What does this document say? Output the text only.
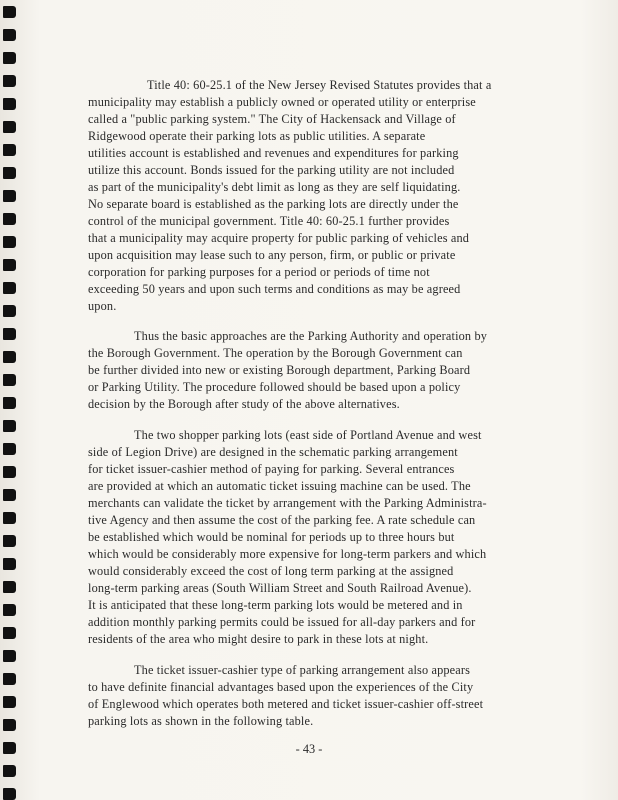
Title 40: 60-25.1 of the New Jersey Revised Statutes provides that a
municipality may establish a publicly owned or operated utility or enterprise
called a "public parking system." The City of Hackensack and Village of
Ridgewood operate their parking lots as public utilities. A separate
utilities account is established and revenues and expenditures for parking
utilize this account. Bonds issued for the parking utility are not included
as part of the municipality's debt limit as long as they are self liquidating.
No separate board is established as the parking lots are directly under the
control of the municipal government. Title 40: 60-25.1 further provides
that a municipality may acquire property for public parking of vehicles and
upon acquisition may lease such to any person, firm, or public or private
corporation for parking purposes for a period or periods of time not
exceeding 50 years and upon such terms and conditions as may be agreed
upon.
Thus the basic approaches are the Parking Authority and operation by
the Borough Government. The operation by the Borough Government can
be further divided into new or existing Borough department, Parking Board
or Parking Utility. The procedure followed should be based upon a policy
decision by the Borough after study of the above alternatives.
The two shopper parking lots (east side of Portland Avenue and west
side of Legion Drive) are designed in the schematic parking arrangement
for ticket issuer-cashier method of paying for parking. Several entrances
are provided at which an automatic ticket issuing machine can be used. The
merchants can validate the ticket by arrangement with the Parking Administra-
tive Agency and then assume the cost of the parking fee. A rate schedule can
be established which would be nominal for periods up to three hours but
which would be considerably more expensive for long-term parkers and which
would considerably exceed the cost of long term parking at the assigned
long-term parking areas (South William Street and South Railroad Avenue).
It is anticipated that these long-term parking lots would be metered and in
addition monthly parking permits could be issued for all-day parkers and for
residents of the area who might desire to park in these lots at night.
The ticket issuer-cashier type of parking arrangement also appears
to have definite financial advantages based upon the experiences of the City
of Englewood which operates both metered and ticket issuer-cashier off-street
parking lots as shown in the following table.
- 43 -
